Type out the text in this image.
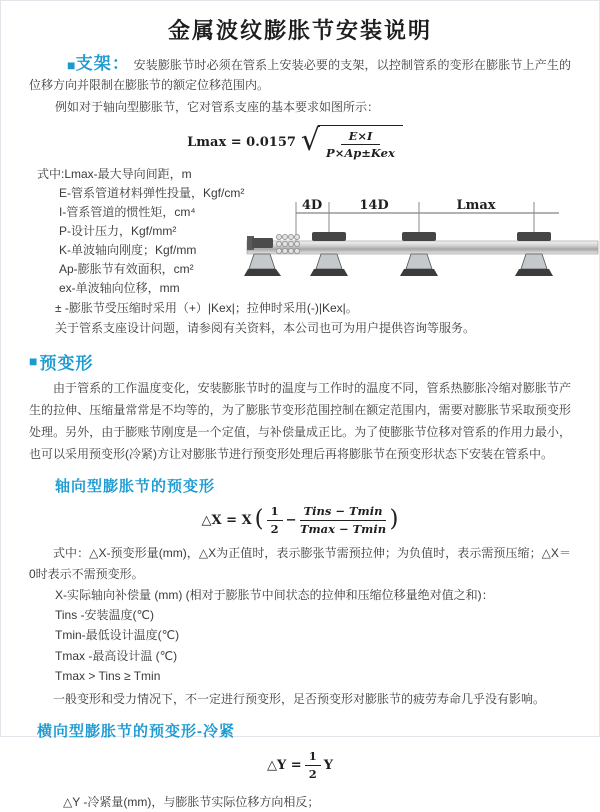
金属波纹膨胀节安装说明

■支架： 安装膨胀节时必须在管系上安装必要的支架，以控制管系的变形在膨胀节上产生的位移方向并限制在膨胀节的额定位移范围内。

例如对于轴向型膨胀节，它对管系支座的基本要求如图所示：

Lmax = 0.0157 √	E×I
P×Ap±Kex
式中:Lmax-最大导向间距，m
E-管系管道材料弹性投量，Kgf/cm²
I-管系管道的惯性矩，cm⁴
P-设计压力，Kgf/mm²
K-单波轴向刚度；Kgf/mm
Ap-膨胀节有效面积，cm²
ex-单波轴向位移，mm
4D	14D	Lmax

± -膨胀节受压缩时采用（+）|Kex|；拉伸时采用(-)|Kex|。

关于管系支座设计问题，请参阅有关资料，本公司也可为用户提供咨询等服务。

■ 预变形

由于管系的工作温度变化，安装膨胀节时的温度与工作时的温度不同，管系热膨胀冷缩对膨胀节产生的拉伸、压缩量常常是不均等的，为了膨胀节变形范围控制在额定范围内，需要对膨胀节采取预变形处理。另外，由于膨账节刚度是一个定值，与补偿量成正比。为了使膨胀节位移对管系的作用力最小，也可以采用预变形(冷紧)方让对膨胀节进行预变形处理后再将膨胀节在预变形状态下安装在管系中。

轴向型膨胀节的预变形
△X = X ( $\frac{1}{2} - \frac{\text{Tins − Tmin}}{Tmax - Tmin}$ )

式中：△X-预变形量(mm)，△X为正值时，表示膨张节需预拉伸；为负值时，表示需预压缩；△X＝0时表示不需预变形。

X-实际轴向补偿量 (mm) (相对于膨胀节中间状态的拉伸和压缩位移量绝对值之和)：
Tins -安装温度(℃)
Tmin-最低设计温度(℃)
Tmax -最高设计温 (℃)
Tmax > Tins ≥ Tmin

一般变形和受力情况下，不一定进行预变形，足否预变形对膨胀节的疲劳寿命几乎没有影响。

横向型膨胀节的预变形-冷紧
△Y = $\frac{1}{2}$ Y
△Y -冷紧量(mm)，与膨胀节实际位移方向相反；
